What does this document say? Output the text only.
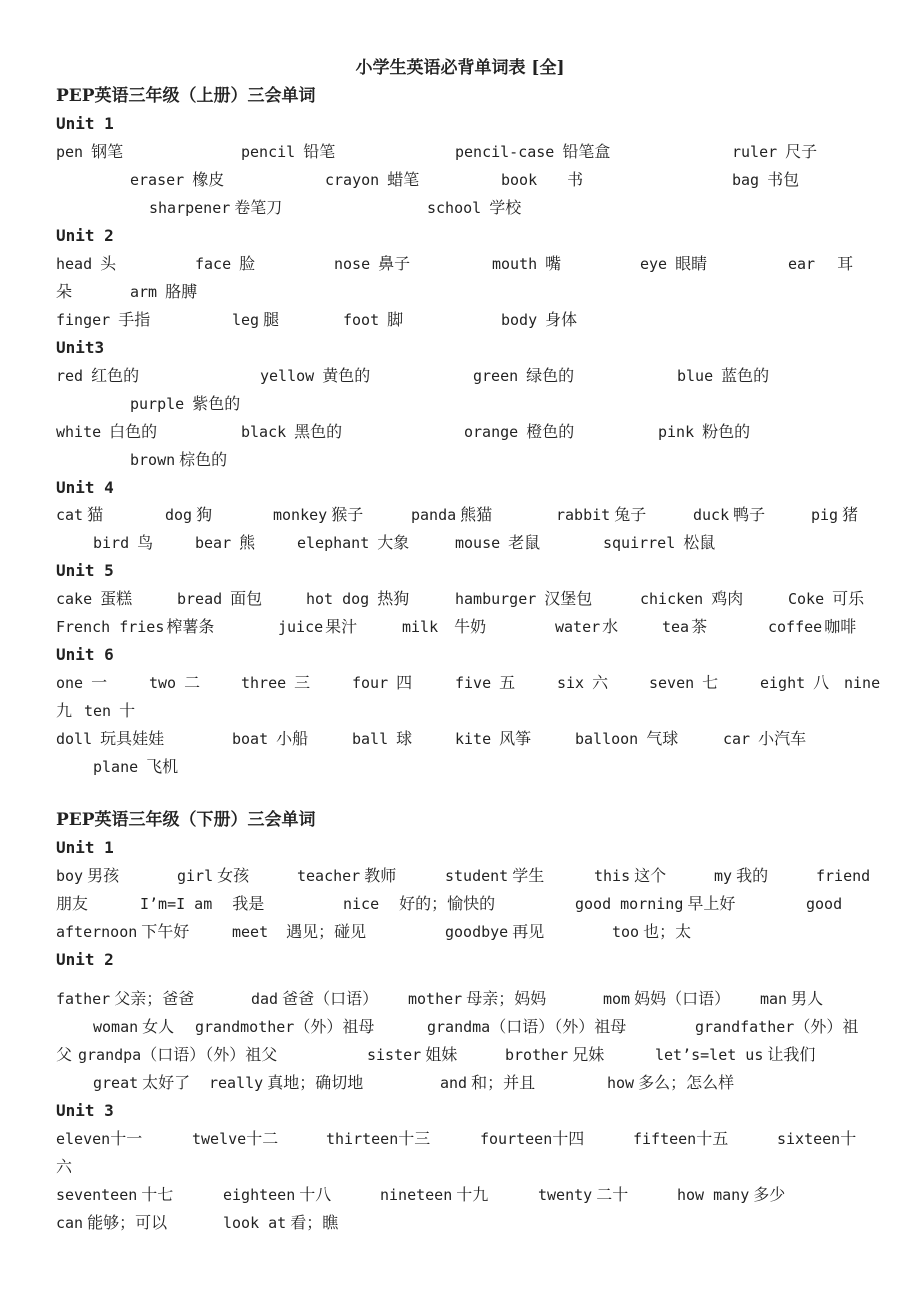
小学生英语必背单词表 [全]
PEP英语三年级（上册）三会单词
Unit 1
pen 钢笔	pencil 铅笔	pencil-case 铅笔盒	ruler 尺子
eraser 橡皮	crayon 蜡笔	book 书	bag 书包
sharpener 卷笔刀	school 学校
Unit 2
head 头	face 脸	nose 鼻子	mouth 嘴	eye 眼睛	ear 耳
朵	arm 胳膊
finger 手指	leg 腿	foot 脚	body 身体
Unit3
red 红色的	yellow 黄色的	green 绿色的	blue 蓝色的
purple 紫色的
white 白色的	black 黑色的	orange 橙色的	pink 粉色的
brown 棕色的
Unit 4
cat 猫	dog 狗	monkey 猴子	panda 熊猫	rabbit 兔子	duck 鸭子	pig 猪
bird 鸟	bear 熊	elephant 大象	mouse 老鼠	squirrel 松鼠
Unit 5
cake 蛋糕	bread 面包	hot dog 热狗	hamburger 汉堡包	chicken 鸡肉	Coke 可乐
French fries 榨薯条	juice 果汁	milk 牛奶	water 水	tea 茶	coffee 咖啡
Unit 6
one 一	two 二	three 三	four 四	five 五	six 六	seven 七	eight 八 nine
九 ten 十
doll 玩具娃娃	boat 小船	ball 球	kite 风筝	balloon 气球	car 小汽车
plane 飞机
PEP英语三年级（下册）三会单词
Unit 1
boy 男孩	girl 女孩	teacher 教师	student 学生	this 这个	my 我的	friend
朋友	I’m=I am 我是	nice 好的；愉快的	good morning 早上好	good
afternoon 下午好	meet 遇见；碰见	goodbye 再见	too 也；太
Unit 2
father 父亲；爸爸	dad 爸爸（口语） mother 母亲；妈妈	mom 妈妈（口语） man 男人
woman 女人 grandmother（外）祖母	grandma（口语）（外）祖母	grandfather（外）祖
父 grandpa（口语）（外）祖父	sister 姐妹	brother 兄妹	let’s=let us 让我们
great 太好了 really 真地；确切地	and 和；并且	how 多么；怎么样
Unit 3
eleven十一	twelve十二	thirteen十三	fourteen十四	fifteen十五	sixteen十
六
seventeen 十七	eighteen 十八	nineteen 十九	twenty 二十	how many 多少
can 能够；可以	look at 看；瞧
